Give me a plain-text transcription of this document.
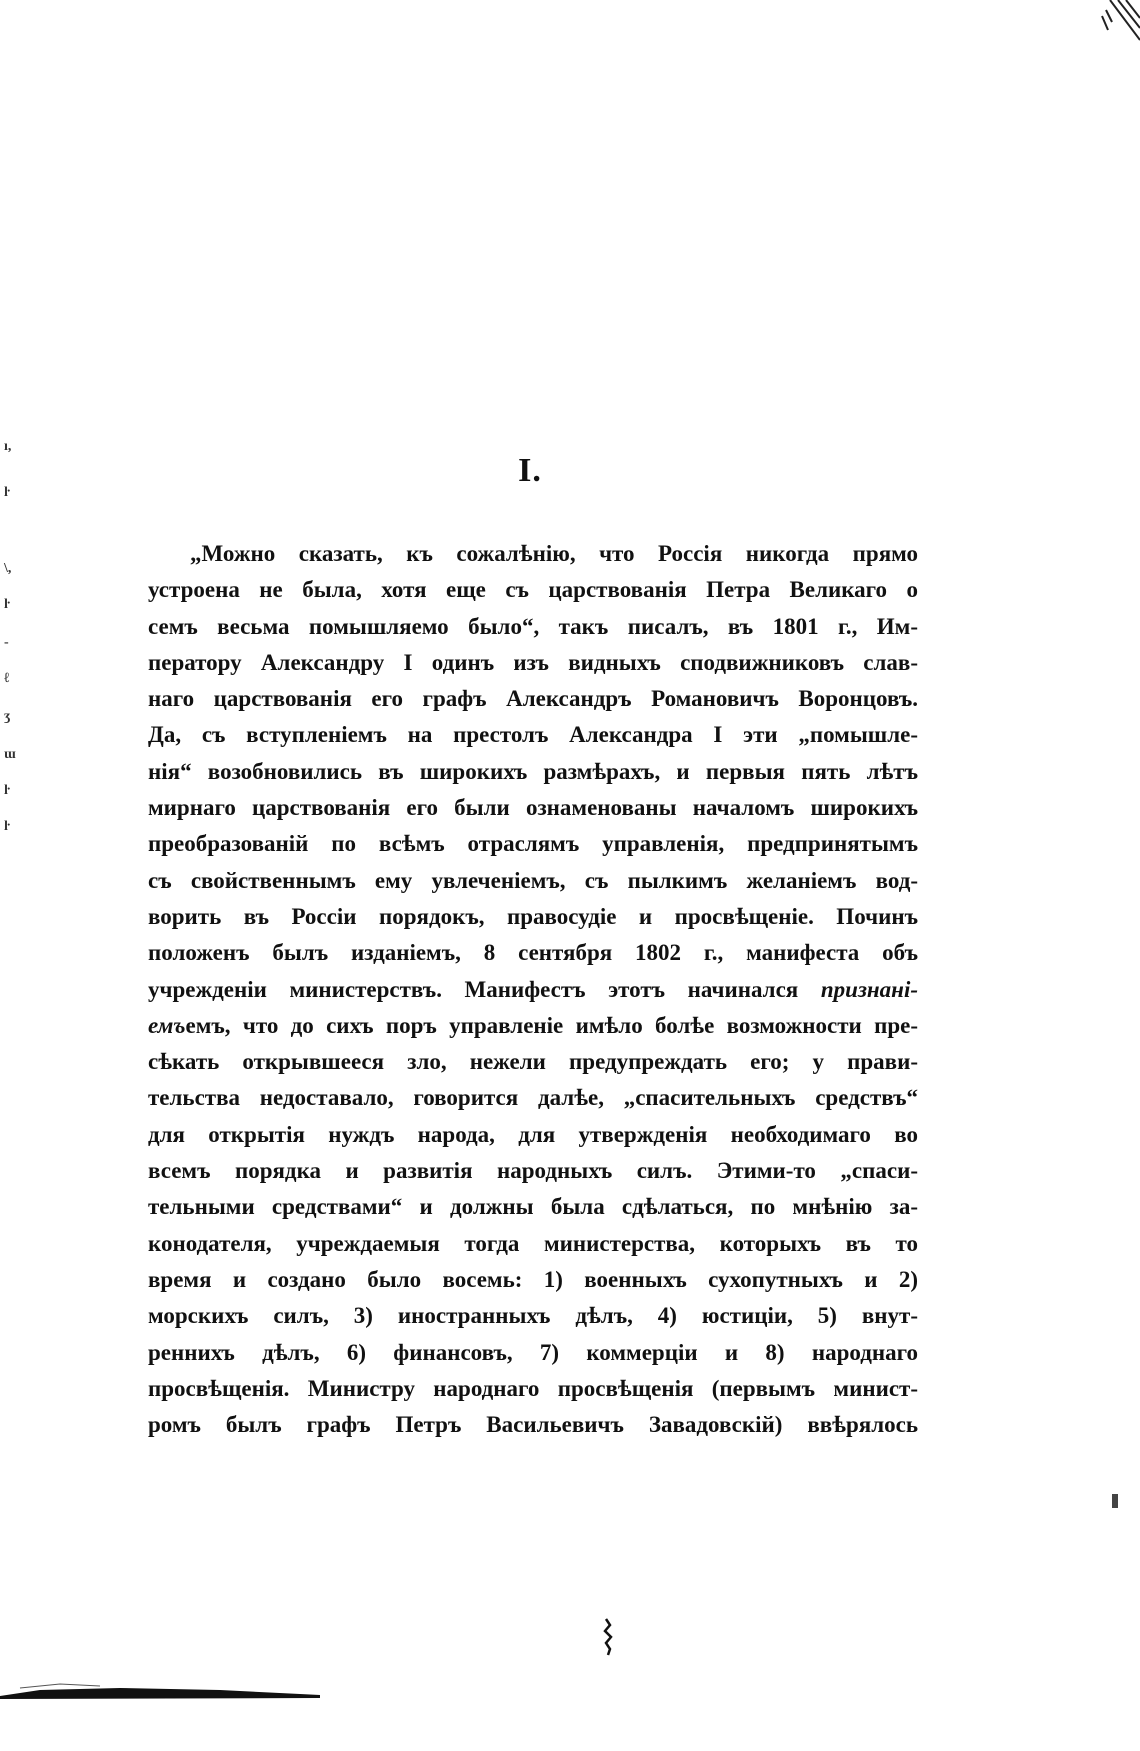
ı,
ŀ
\,
ŀ
-
ℓ
ʒ
ɯ
ŀ
ŀ
I.
„Можно сказать, къ сожалѣнію, что Россія никогда прямо
устроена не была, хотя еще съ царствованія Петра Великаго о
семъ весьма помышляемо было“, такъ писалъ, въ 1801 г., Им-
ператору Александру I одинъ изъ видныхъ сподвижниковъ слав-
наго царствованія его графъ Александръ Романовичъ Воронцовъ.
Да, съ вступленіемъ на престолъ Александра I эти „помышле-
нія“ возобновились въ широкихъ размѣрахъ, и первыя пять лѣтъ
мирнаго царствованія его были ознаменованы началомъ широкихъ
преобразованій по всѣмъ отраслямъ управленія, предпринятымъ
съ свойственнымъ ему увлеченіемъ, съ пылкимъ желаніемъ вод-
ворить въ Россіи порядокъ, правосудіе и просвѣщеніе. Починъ
положенъ былъ изданіемъ, 8 сентября 1802 г., манифеста объ
учрежденіи министерствъ. Манифестъ этотъ начинался признані-
емъемъ, что до сихъ поръ управленіе имѣло болѣе возможности пре-
сѣкать открывшееся зло, нежели предупреждать его; у прави-
тельства недоставало, говорится далѣе, „спасительныхъ средствъ“
для открытія нуждъ народа, для утвержденія необходимаго во
всемъ порядка и развитія народныхъ силъ. Этими-то „спаси-
тельными средствами“ и должны была сдѣлаться, по мнѣнію за-
конодателя, учреждаемыя тогда министерства, которыхъ въ то
время и создано было восемь: 1) военныхъ сухопутныхъ и 2)
морскихъ силъ, 3) иностранныхъ дѣлъ, 4) юстиціи, 5) внут-
реннихъ дѣлъ, 6) финансовъ, 7) коммерціи и 8) народнаго
просвѣщенія. Министру народнаго просвѣщенія (первымъ минист-
ромъ былъ графъ Петръ Васильевичъ Завадовскій) ввѣрялось
